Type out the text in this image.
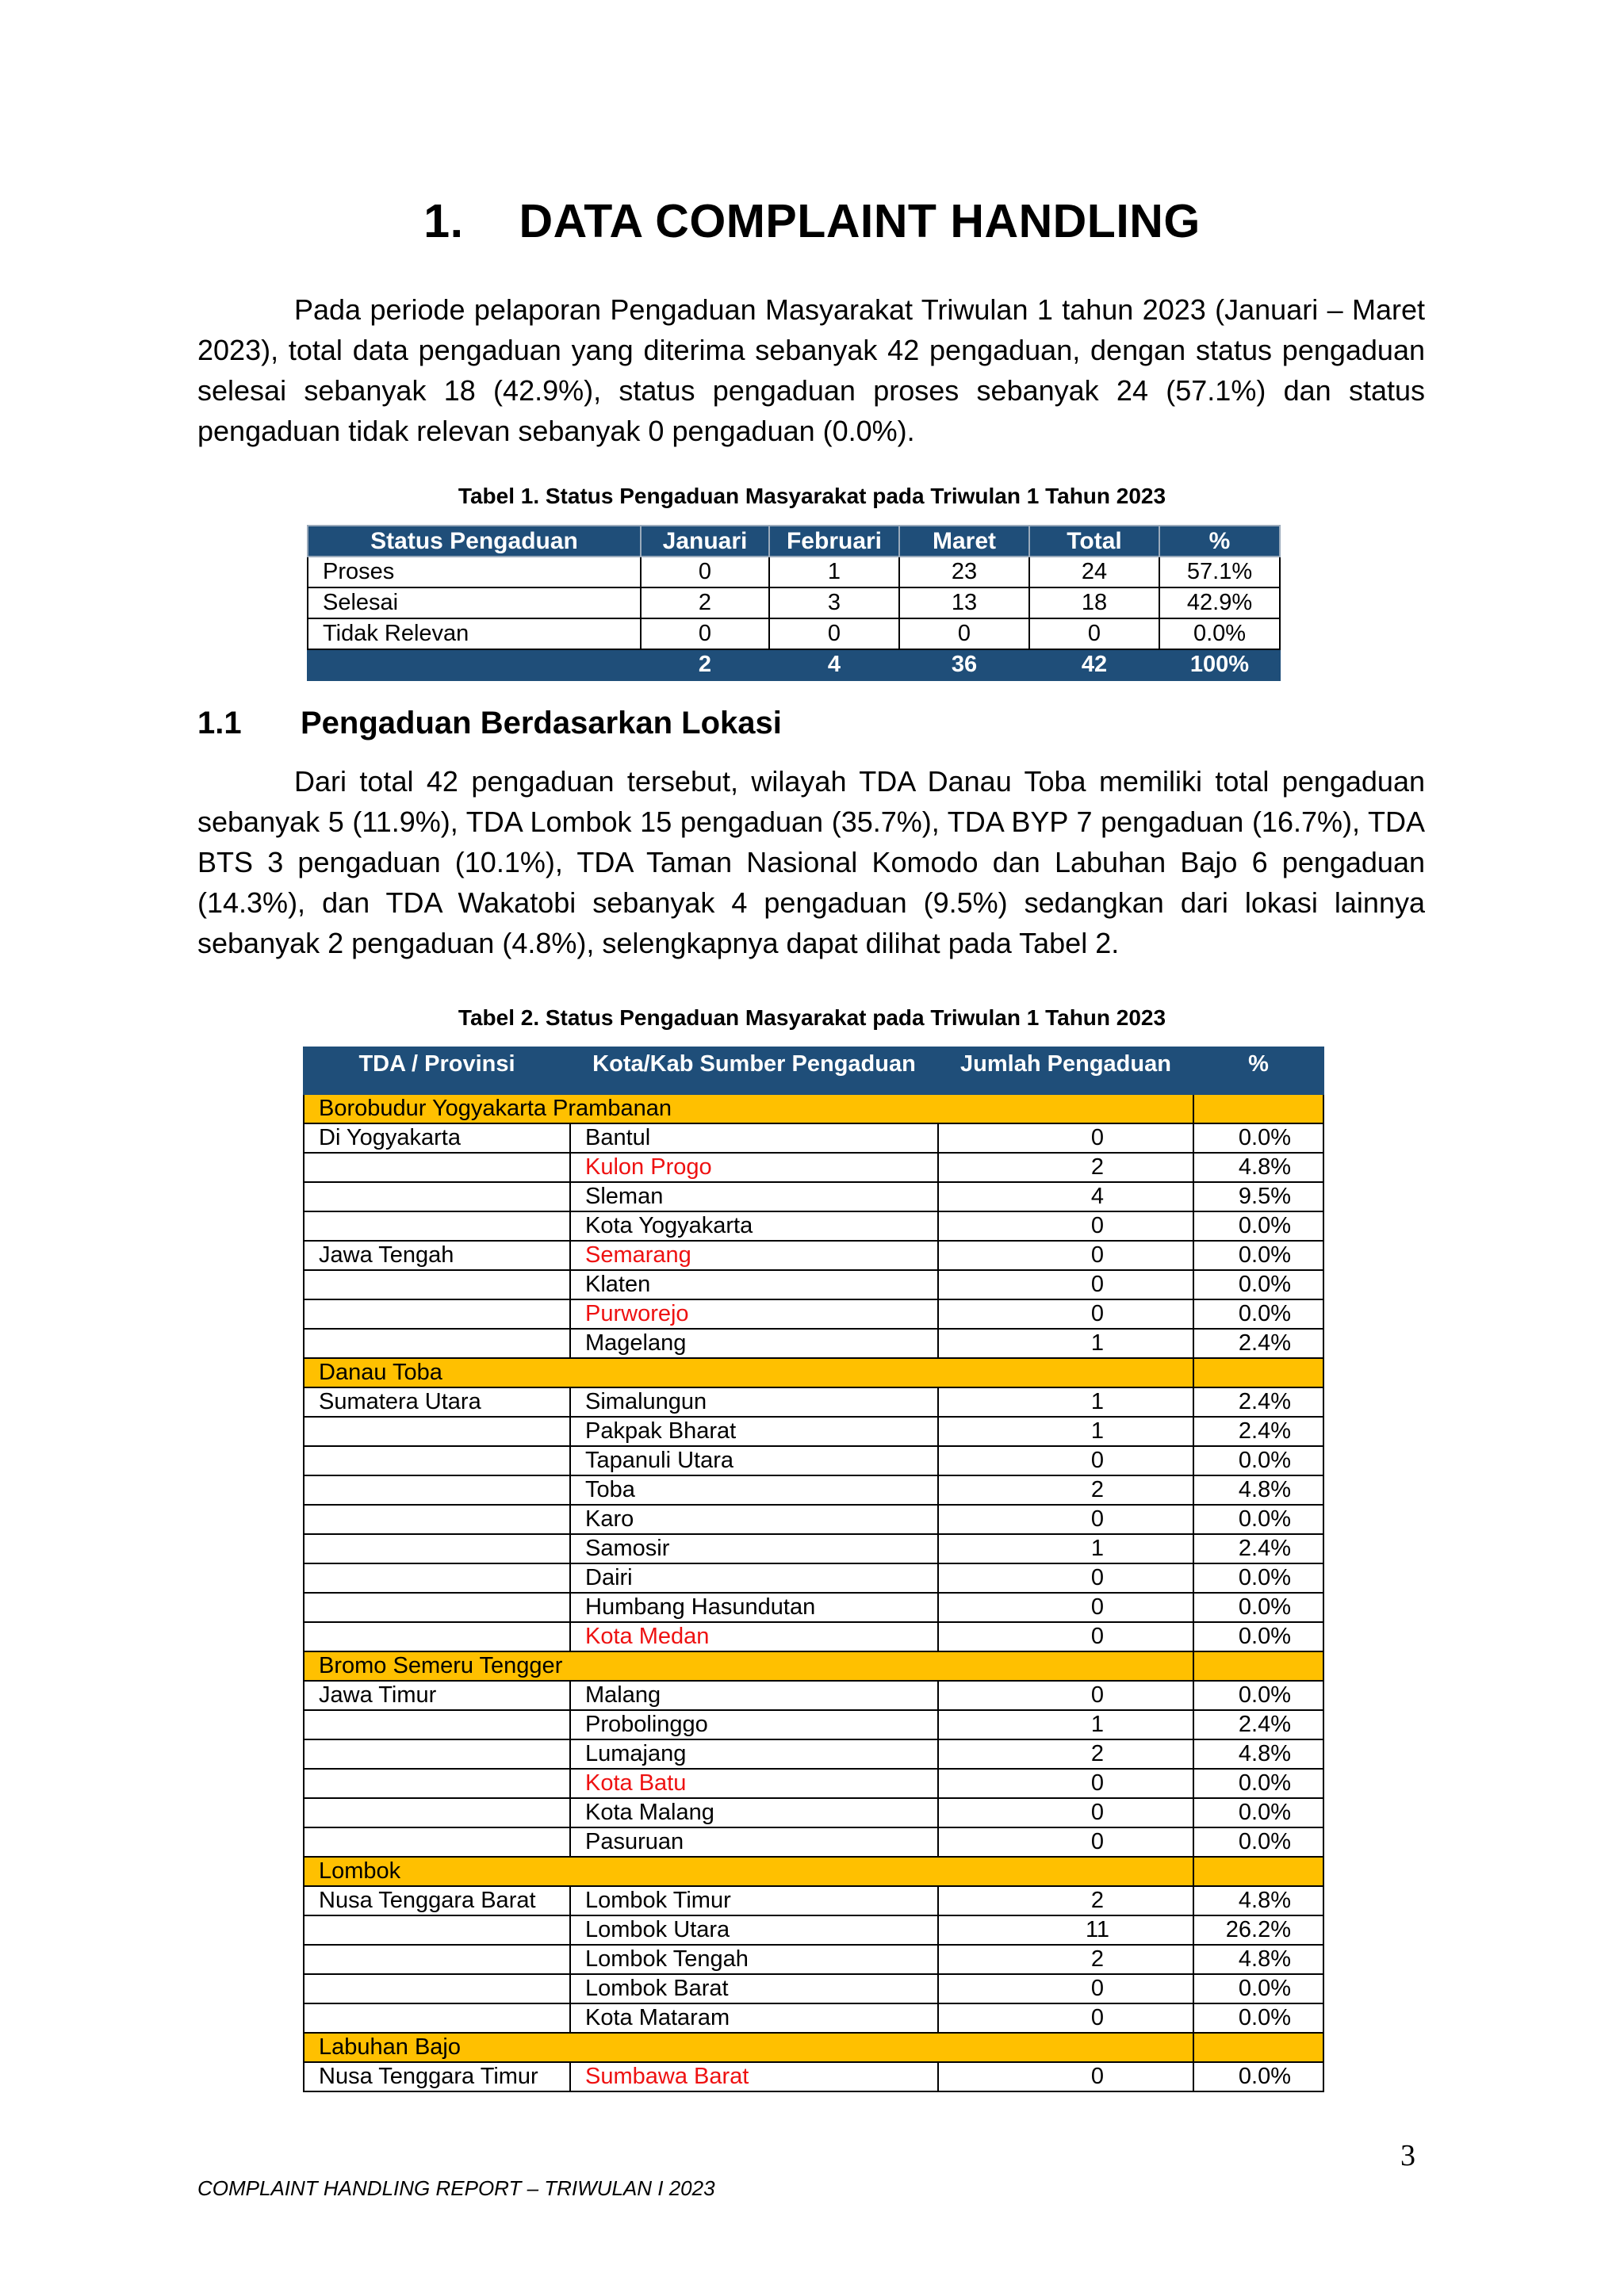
1. DATA COMPLAINT HANDLING

Pada periode pelaporan Pengaduan Masyarakat Triwulan 1 tahun 2023 (Januari – Maret 2023), total data pengaduan yang diterima sebanyak 42 pengaduan, dengan status pengaduan selesai sebanyak 18 (42.9%), status pengaduan proses sebanyak 24 (57.1%) dan status pengaduan tidak relevan sebanyak 0 pengaduan (0.0%).

Tabel 1. Status Pengaduan Masyarakat pada Triwulan 1 Tahun 2023
Status Pengaduan	Januari	Februari	Maret	Total	%
Proses	0	1	23	24	57.1%
Selesai	2	3	13	18	42.9%
Tidak Relevan	0	0	0	0	0.0%
	2	4	36	42	100%
1.1 Pengaduan Berdasarkan Lokasi

Dari total 42 pengaduan tersebut, wilayah TDA Danau Toba memiliki total pengaduan sebanyak 5 (11.9%), TDA Lombok 15 pengaduan (35.7%), TDA BYP 7 pengaduan (16.7%), TDA BTS 3 pengaduan (10.1%), TDA Taman Nasional Komodo dan Labuhan Bajo 6 pengaduan (14.3%), dan TDA Wakatobi sebanyak 4 pengaduan (9.5%) sedangkan dari lokasi lainnya sebanyak 2 pengaduan (4.8%), selengkapnya dapat dilihat pada Tabel 2.

Tabel 2. Status Pengaduan Masyarakat pada Triwulan 1 Tahun 2023
TDA / Provinsi	Kota/Kab Sumber Pengaduan	Jumlah Pengaduan	%
Borobudur Yogyakarta Prambanan			
Di Yogyakarta	Bantul	0	0.0%
	Kulon Progo	2	4.8%
	Sleman	4	9.5%
	Kota Yogyakarta	0	0.0%
Jawa Tengah	Semarang	0	0.0%
	Klaten	0	0.0%
	Purworejo	0	0.0%
	Magelang	1	2.4%
Danau Toba			
Sumatera Utara	Simalungun	1	2.4%
	Pakpak Bharat	1	2.4%
	Tapanuli Utara	0	0.0%
	Toba	2	4.8%
	Karo	0	0.0%
	Samosir	1	2.4%
	Dairi	0	0.0%
	Humbang Hasundutan	0	0.0%
	Kota Medan	0	0.0%
Bromo Semeru Tengger			
Jawa Timur	Malang	0	0.0%
	Probolinggo	1	2.4%
	Lumajang	2	4.8%
	Kota Batu	0	0.0%
	Kota Malang	0	0.0%
	Pasuruan	0	0.0%
Lombok			
Nusa Tenggara Barat	Lombok Timur	2	4.8%
	Lombok Utara	11	26.2%
	Lombok Tengah	2	4.8%
	Lombok Barat	0	0.0%
	Kota Mataram	0	0.0%
Labuhan Bajo			
Nusa Tenggara Timur	Sumbawa Barat	0	0.0%
3
COMPLAINT HANDLING REPORT – TRIWULAN I 2023
